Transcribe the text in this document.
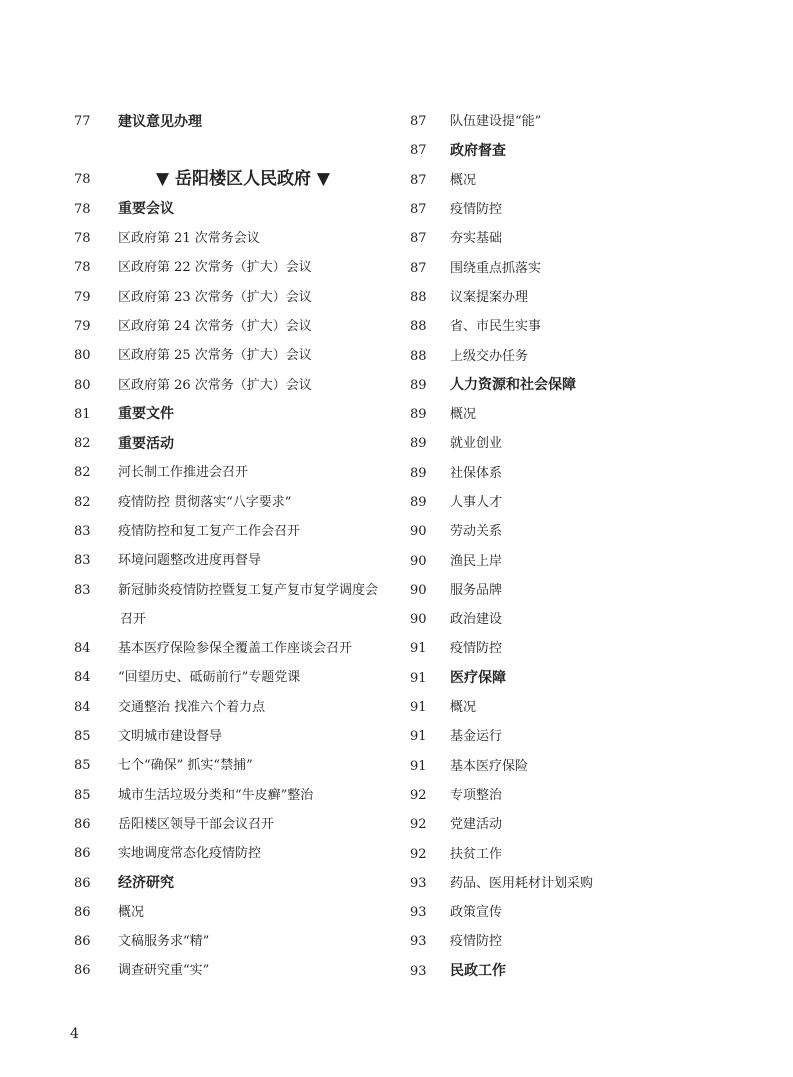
77	建议意见办理
78	▼ 岳阳楼区人民政府 ▼
78	重要会议
78	区政府第 21 次常务会议
78	区政府第 22 次常务（扩大）会议
79	区政府第 23 次常务（扩大）会议
79	区政府第 24 次常务（扩大）会议
80	区政府第 25 次常务（扩大）会议
80	区政府第 26 次常务（扩大）会议
81	重要文件
82	重要活动
82	河长制工作推进会召开
82	疫情防控 贯彻落实“八字要求”
83	疫情防控和复工复产工作会召开
83	环境问题整改进度再督导
83	新冠肺炎疫情防控暨复工复产复市复学调度会
召开
84	基本医疗保险参保全覆盖工作座谈会召开
84	“回望历史、砥砺前行”专题党课
84	交通整治 找准六个着力点
85	文明城市建设督导
85	七个“确保” 抓实“禁捕”
85	城市生活垃圾分类和“牛皮癣”整治
86	岳阳楼区领导干部会议召开
86	实地调度常态化疫情防控
86	经济研究
86	概况
86	文稿服务求“精”
86	调查研究重“实”
87	队伍建设提“能”
87	政府督查
87	概况
87	疫情防控
87	夯实基础
87	围绕重点抓落实
88	议案提案办理
88	省、市民生实事
88	上级交办任务
89	人力资源和社会保障
89	概况
89	就业创业
89	社保体系
89	人事人才
90	劳动关系
90	渔民上岸
90	服务品牌
90	政治建设
91	疫情防控
91	医疗保障
91	概况
91	基金运行
91	基本医疗保险
92	专项整治
92	党建活动
92	扶贫工作
93	药品、医用耗材计划采购
93	政策宣传
93	疫情防控
93	民政工作
4
